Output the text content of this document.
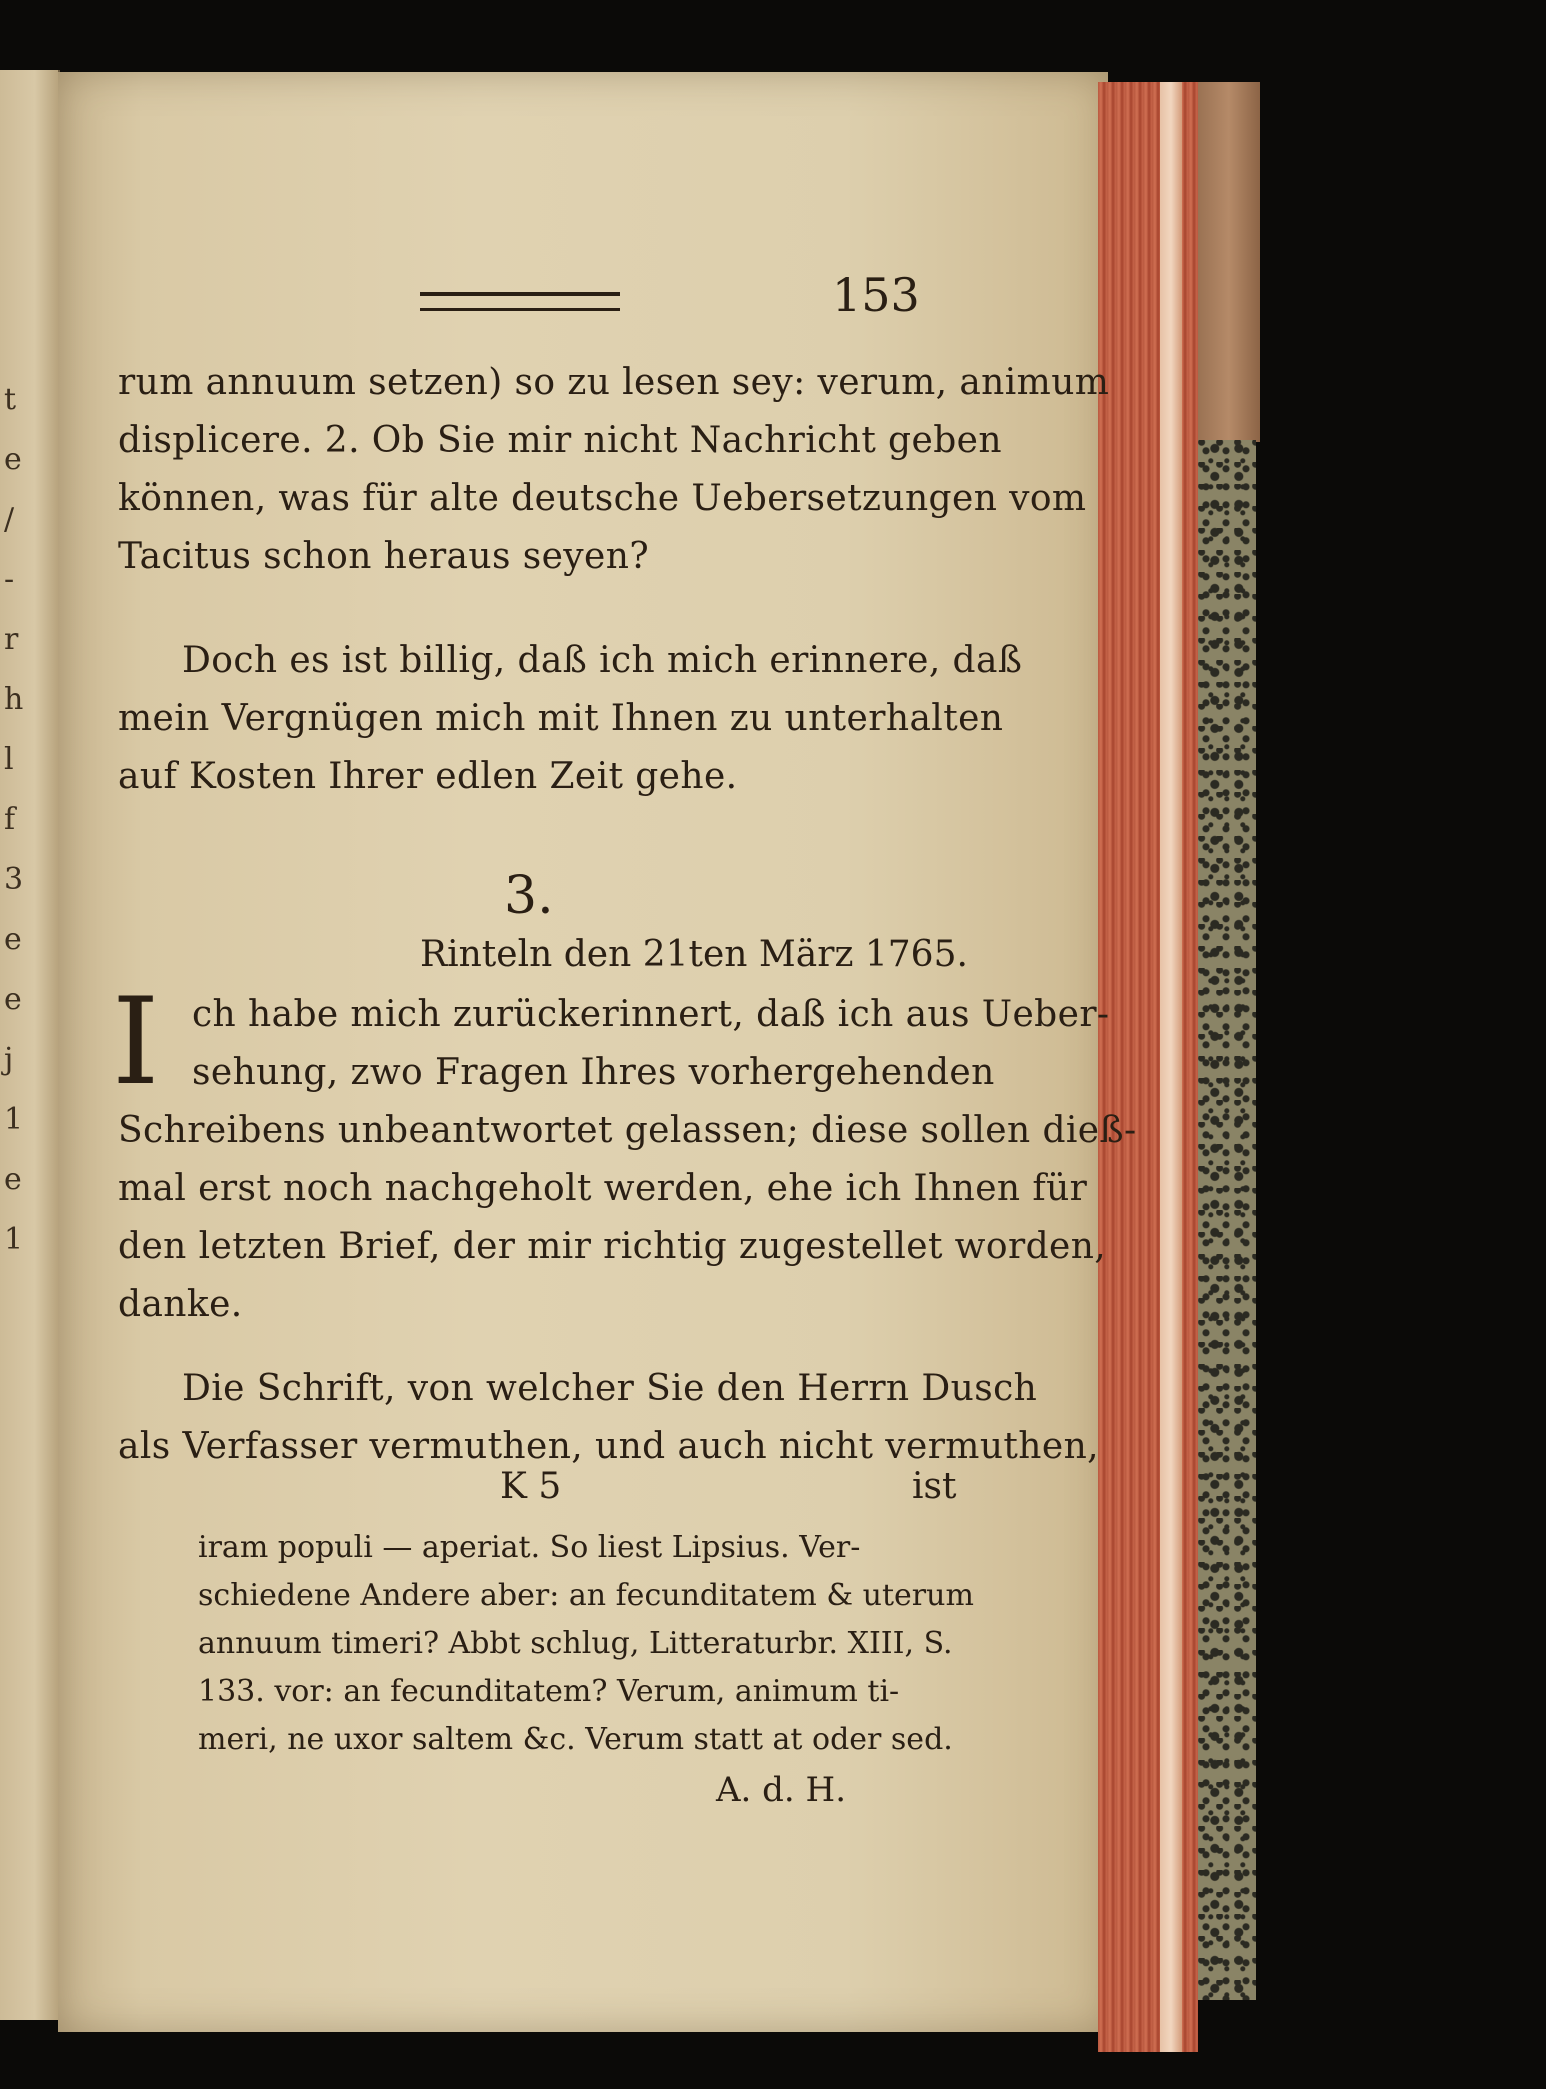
t
e
/
-
r
h
l
f
3
e
e
j
1
e
1
153
rum annuum setzen) so zu lesen sey: verum, animum
displicere. 2. Ob Sie mir nicht Nachricht geben
können, was für alte deutsche Uebersetzungen vom
Tacitus schon heraus seyen?
Doch es ist billig, daß ich mich erinnere, daß
mein Vergnügen mich mit Ihnen zu unterhalten
auf Kosten Ihrer edlen Zeit gehe.
3.
Rinteln den 21ten März 1765.
I ch habe mich zurückerinnert, daß ich aus Ueber-
sehung, zwo Fragen Ihres vorhergehenden
Schreibens unbeantwortet gelassen; diese sollen dieß-
mal erst noch nachgeholt werden, ehe ich Ihnen für
den letzten Brief, der mir richtig zugestellet worden,
danke.
Die Schrift, von welcher Sie den Herrn Dusch
als Verfasser vermuthen, und auch nicht vermuthen,
K 5	ist
iram populi — aperiat. So liest Lipsius. Ver-
schiedene Andere aber: an fecunditatem & uterum
annuum timeri? Abbt schlug, Litteraturbr. XIII, S.
133. vor: an fecunditatem? Verum, animum ti-
meri, ne uxor saltem &c. Verum statt at oder sed.
A. d. H.
